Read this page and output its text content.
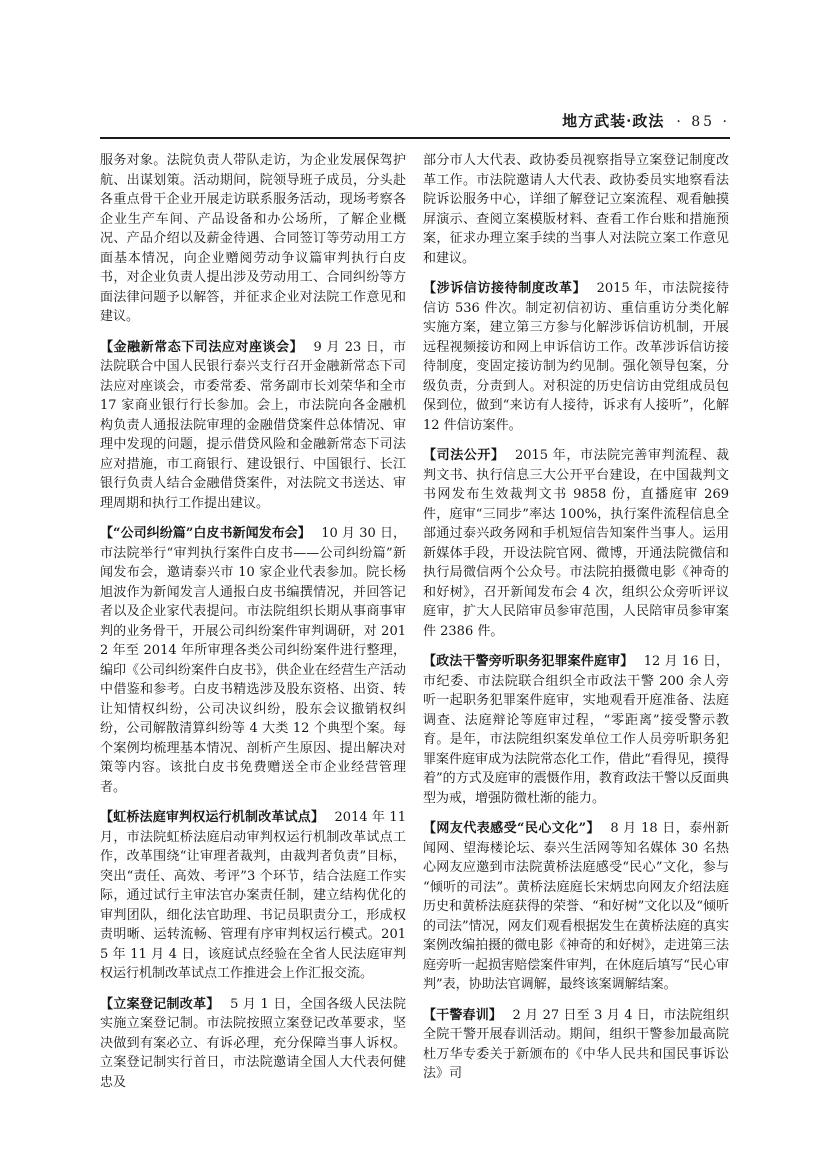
地方武装·政法 · 85 ·

服务对象。法院负责人带队走访，为企业发展保驾护航、出谋划策。活动期间，院领导班子成员，分头赴各重点骨干企业开展走访联系服务活动，现场考察各企业生产车间、产品设备和办公场所，了解企业概况、产品介绍以及薪金待遇、合同签订等劳动用工方面基本情况，向企业赠阅劳动争议篇审判执行白皮书，对企业负责人提出涉及劳动用工、合同纠纷等方面法律问题予以解答，并征求企业对法院工作意见和建议。

【金融新常态下司法应对座谈会】 9 月 23 日，市法院联合中国人民银行泰兴支行召开金融新常态下司法应对座谈会，市委常委、常务副市长刘荣华和全市 17 家商业银行行长参加。会上，市法院向各金融机构负责人通报法院审理的金融借贷案件总体情况、审理中发现的问题，提示借贷风险和金融新常态下司法应对措施，市工商银行、建设银行、中国银行、长江银行负责人结合金融借贷案件，对法院文书送达、审理周期和执行工作提出建议。

【“公司纠纷篇”白皮书新闻发布会】 10 月 30 日，市法院举行“审判执行案件白皮书——公司纠纷篇”新闻发布会，邀请泰兴市 10 家企业代表参加。院长杨旭波作为新闻发言人通报白皮书编撰情况，并回答记者以及企业家代表提问。市法院组织长期从事商事审判的业务骨干，开展公司纠纷案件审判调研，对 2012 年至 2014 年所审理各类公司纠纷案件进行整理，编印《公司纠纷案件白皮书》，供企业在经营生产活动中借鉴和参考。白皮书精选涉及股东资格、出资、转让知情权纠纷，公司决议纠纷，股东会议撤销权纠纷，公司解散清算纠纷等 4 大类 12 个典型个案。每个案例均梳理基本情况、剖析产生原因、提出解决对策等内容。该批白皮书免费赠送全市企业经营管理者。

【虹桥法庭审判权运行机制改革试点】 2014 年 11 月，市法院虹桥法庭启动审判权运行机制改革试点工作，改革围绕“让审理者裁判，由裁判者负责”目标，突出“责任、高效、考评”3 个环节，结合法庭工作实际，通过试行主审法官办案责任制，建立结构优化的审判团队，细化法官助理、书记员职责分工，形成权责明晰、运转流畅、管理有序审判权运行模式。2015 年 11 月 4 日，该庭试点经验在全省人民法庭审判权运行机制改革试点工作推进会上作汇报交流。

【立案登记制改革】 5 月 1 日，全国各级人民法院实施立案登记制。市法院按照立案登记改革要求，坚决做到有案必立、有诉必理，充分保障当事人诉权。立案登记制实行首日，市法院邀请全国人大代表何健忠及

部分市人大代表、政协委员视察指导立案登记制度改革工作。市法院邀请人大代表、政协委员实地察看法院诉讼服务中心，详细了解登记立案流程、观看触摸屏演示、查阅立案模版材料、查看工作台账和措施预案，征求办理立案手续的当事人对法院立案工作意见和建议。

【涉诉信访接待制度改革】 2015 年，市法院接待信访 536 件次。制定初信初访、重信重访分类化解实施方案，建立第三方参与化解涉诉信访机制，开展远程视频接访和网上申诉信访工作。改革涉诉信访接待制度，变固定接访制为约见制。强化领导包案，分级负责，分责到人。对积淀的历史信访由党组成员包保到位，做到“来访有人接待，诉求有人接听”，化解 12 件信访案件。

【司法公开】 2015 年，市法院完善审判流程、裁判文书、执行信息三大公开平台建设，在中国裁判文书网发布生效裁判文书 9858 份，直播庭审 269 件，庭审“三同步”率达 100%，执行案件流程信息全部通过泰兴政务网和手机短信告知案件当事人。运用新媒体手段，开设法院官网、微博，开通法院微信和执行局微信两个公众号。市法院拍摄微电影《神奇的和好树》，召开新闻发布会 4 次，组织公众旁听评议庭审，扩大人民陪审员参审范围，人民陪审员参审案件 2386 件。

【政法干警旁听职务犯罪案件庭审】 12 月 16 日，市纪委、市法院联合组织全市政法干警 200 余人旁听一起职务犯罪案件庭审，实地观看开庭准备、法庭调查、法庭辩论等庭审过程，“零距离”接受警示教育。是年，市法院组织案发单位工作人员旁听职务犯罪案件庭审成为法院常态化工作，借此“看得见，摸得着”的方式及庭审的震慑作用，教育政法干警以反面典型为戒，增强防微杜渐的能力。

【网友代表感受“民心文化”】 8 月 18 日，泰州新闻网、望海楼论坛、泰兴生活网等知名媒体 30 名热心网友应邀到市法院黄桥法庭感受“民心”文化，参与“倾听的司法”。黄桥法庭庭长宋炳忠向网友介绍法庭历史和黄桥法庭获得的荣誉、“和好树”文化以及“倾听的司法”情况，网友们观看根据发生在黄桥法庭的真实案例改编拍摄的微电影《神奇的和好树》，走进第三法庭旁听一起损害赔偿案件审判，在休庭后填写“民心审判”表，协助法官调解，最终该案调解结案。

【干警春训】 2 月 27 日至 3 月 4 日，市法院组织全院干警开展春训活动。期间，组织干警参加最高院杜万华专委关于新颁布的《中华人民共和国民事诉讼法》司
